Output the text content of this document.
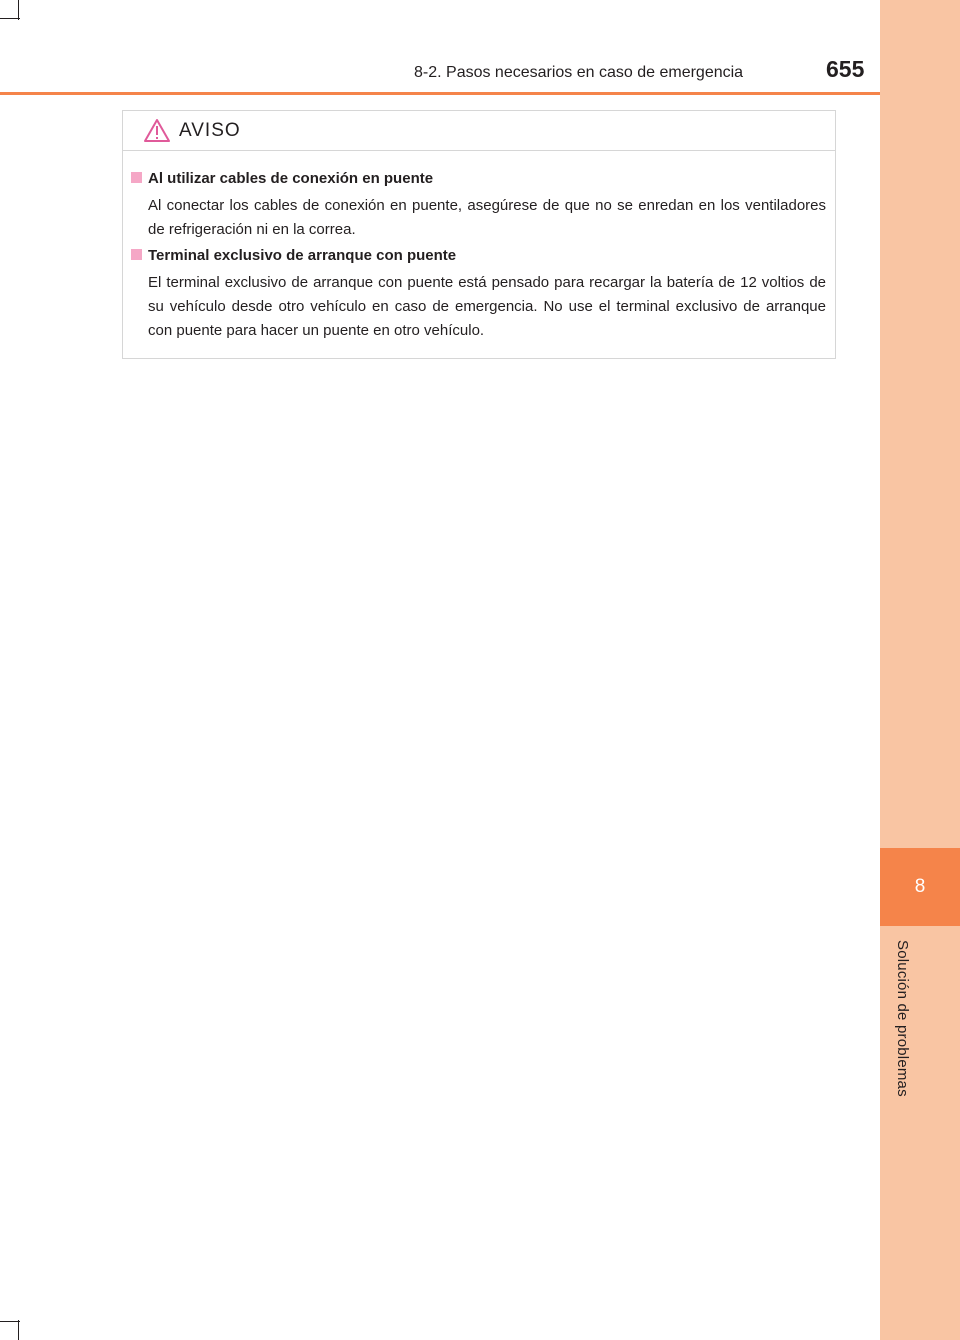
8
Solución de problemas
8-2. Pasos necesarios en caso de emergencia	655
AVISO
Al utilizar cables de conexión en puente
Al conectar los cables de conexión en puente, asegúrese de que no se enredan en los ventiladores de refrigeración ni en la correa.
Terminal exclusivo de arranque con puente
El terminal exclusivo de arranque con puente está pensado para recargar la batería de 12 voltios de su vehículo desde otro vehículo en caso de emergencia. No use el terminal exclusivo de arranque con puente para hacer un puente en otro vehículo.
